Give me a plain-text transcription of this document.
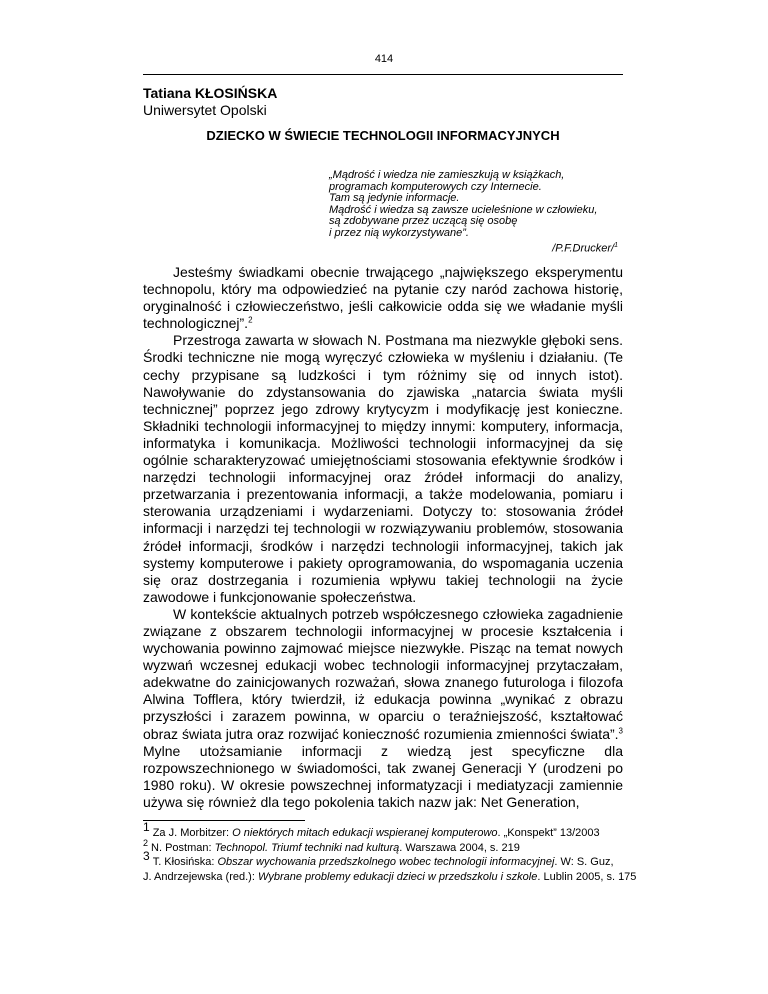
414
Tatiana KŁOSIŃSKA
Uniwersytet Opolski
DZIECKO W ŚWIECIE TECHNOLOGII INFORMACYJNYCH
„Mądrość i wiedza nie zamieszkują w książkach,
programach komputerowych czy Internecie.
Tam są jedynie informacje.
Mądrość i wiedza są zawsze ucieleśnione w człowieku,
są zdobywane przez uczącą się osobę
i przez nią wykorzystywane”.
/P.F.Drucker/$^1$

Jesteśmy świadkami obecnie trwającego „największego eksperymentu technopolu, który ma odpowiedzieć na pytanie czy naród zachowa historię, oryginalność i człowieczeństwo, jeśli całkowicie odda się we władanie myśli technologicznej”.$^2$

Przestroga zawarta w słowach N. Postmana ma niezwykle głęboki sens. Środki techniczne nie mogą wyręczyć człowieka w myśleniu i działaniu. (Te cechy przypisane są ludzkości i tym różnimy się od innych istot). Nawoływanie do zdystansowania do zjawiska „natarcia świata myśli technicznej” poprzez jego zdrowy krytycyzm i modyfikację jest konieczne. Składniki technologii informacyjnej to między innymi: komputery, informacja, informatyka i komunikacja. Możliwości technologii informacyjnej da się ogólnie scharakteryzować umiejętnościami stosowania efektywnie środków i narzędzi technologii informacyjnej oraz źródeł informacji do analizy, przetwarzania i prezentowania informacji, a także modelowania, pomiaru i sterowania urządzeniami i wydarzeniami. Dotyczy to: stosowania źródeł informacji i narzędzi tej technologii w rozwiązywaniu problemów, stosowania źródeł informacji, środków i narzędzi technologii informacyjnej, takich jak systemy komputerowe i pakiety oprogramowania, do wspomagania uczenia się oraz dostrzegania i rozumienia wpływu takiej technologii na życie zawodowe i funkcjonowanie społeczeństwa.

W kontekście aktualnych potrzeb współczesnego człowieka zagadnienie związane z obszarem technologii informacyjnej w procesie kształcenia i wychowania powinno zajmować miejsce niezwykłe. Pisząc na temat nowych wyzwań wczesnej edukacji wobec technologii informacyjnej przytaczałam, adekwatne do zainicjowanych rozważań, słowa znanego futurologa i filozofa Alwina Tofflera, który twierdził, iż edukacja powinna „wynikać z obrazu przyszłości i zarazem powinna, w oparciu o teraźniejszość, kształtować obraz świata jutra oraz rozwijać konieczność rozumienia zmienności świata”.$^3$ Mylne utożsamianie informacji z wiedzą jest specyficzne dla rozpowszechnionego w świadomości, tak zwanej Generacji Y (urodzeni po 1980 roku). W okresie powszechnej informatyzacji i mediatyzacji zamiennie używa się również dla tego pokolenia takich nazw jak: Net Generation,

1 Za J. Morbitzer: O niektórych mitach edukacji wspieranej komputerowo. „Konspekt” 13/2003
$^2$ N. Postman: Technopol. Triumf techniki nad kulturą. Warszawa 2004, s. 219
3 T. Kłosińska: Obszar wychowania przedszkolnego wobec technologii informacyjnej. W: S. Guz,
J. Andrzejewska (red.): Wybrane problemy edukacji dzieci w przedszkolu i szkole. Lublin 2005, s. 175
